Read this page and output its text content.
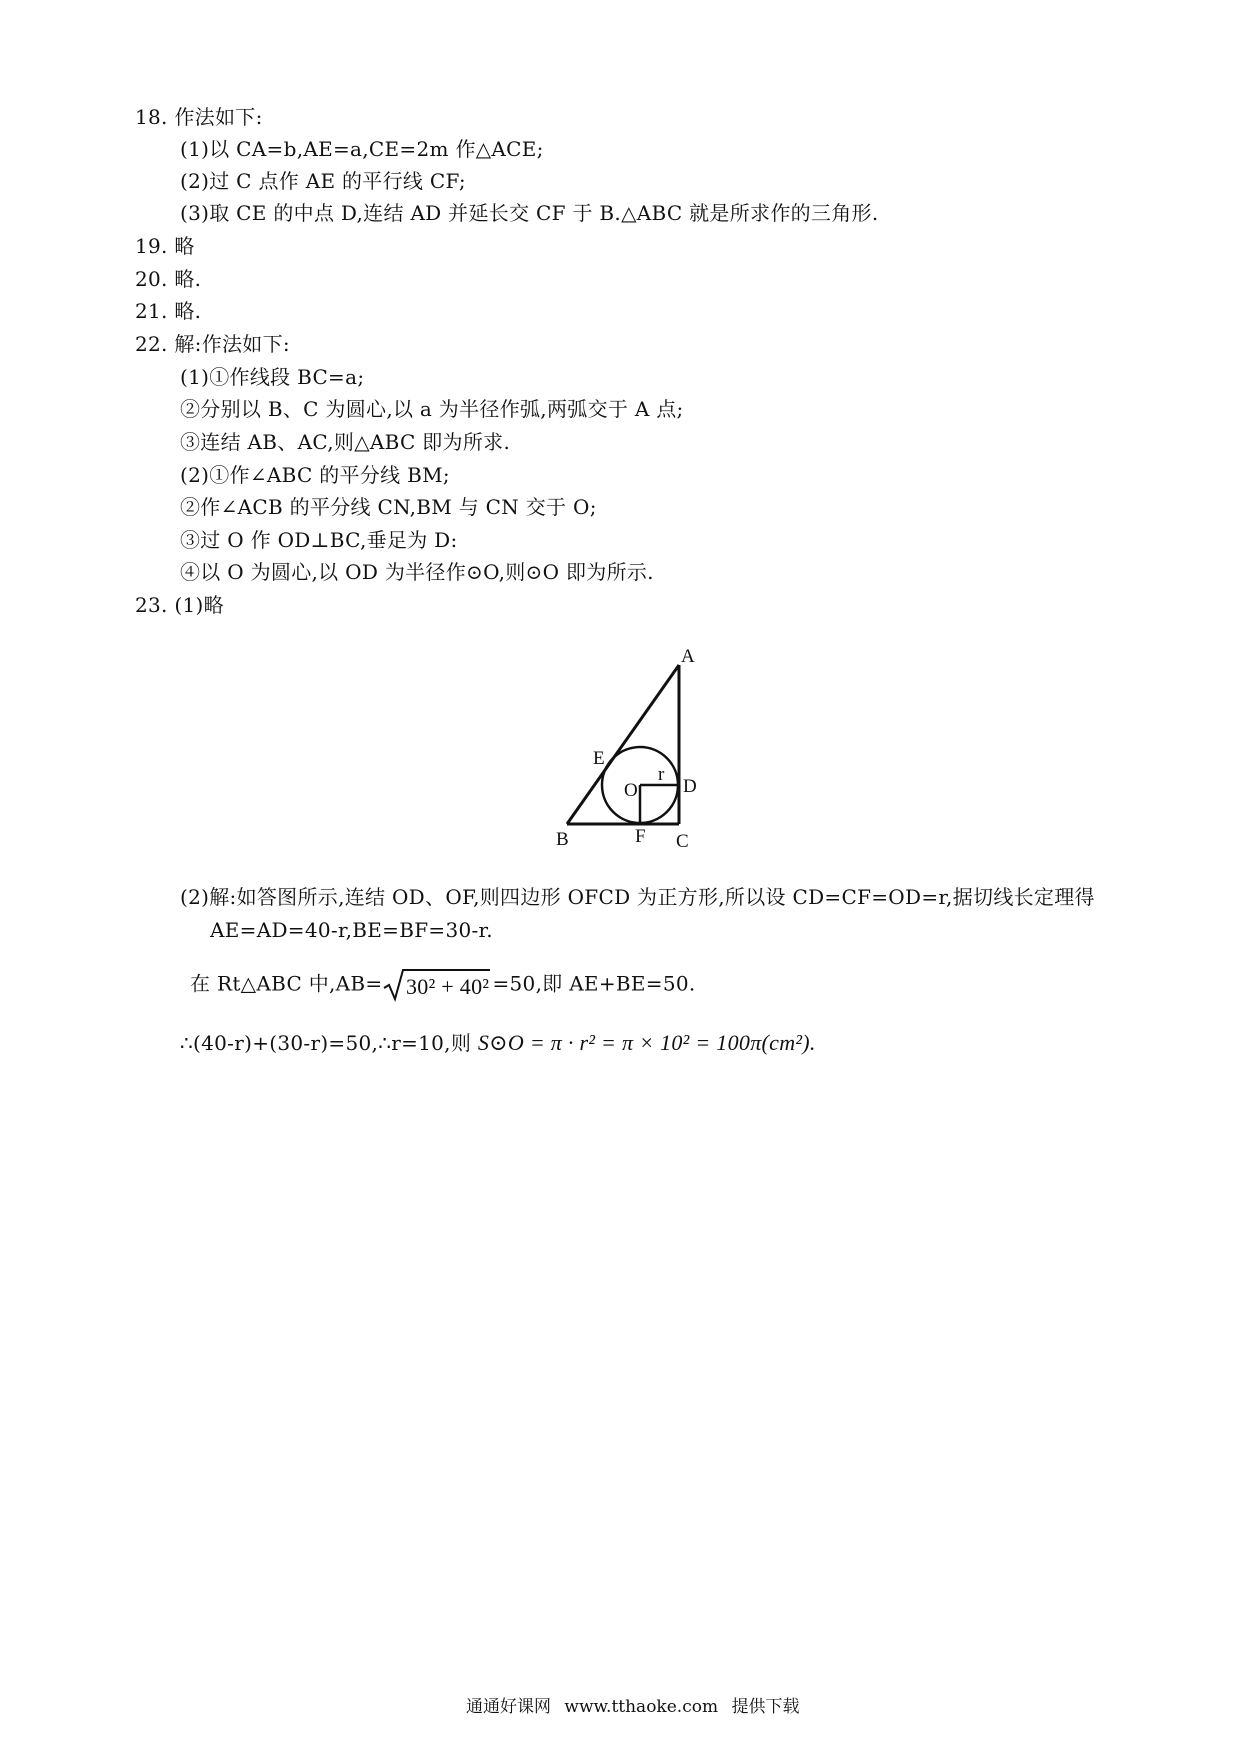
18. 作法如下:
(1)以 CA=b,AE=a,CE=2m 作△ACE;
(2)过 C 点作 AE 的平行线 CF;
(3)取 CE 的中点 D,连结 AD 并延长交 CF 于 B.△ABC 就是所求作的三角形.
19. 略
20. 略.
21. 略.
22. 解:作法如下:
(1)①作线段 BC=a;
②分别以 B、C 为圆心,以 a 为半径作弧,两弧交于 A 点;
③连结 AB、AC,则△ABC 即为所求.
(2)①作∠ABC 的平分线 BM;
②作∠ACB 的平分线 CN,BM 与 CN 交于 O;
③过 O 作 OD⊥BC,垂足为 D:
④以 O 为圆心,以 OD 为半径作⊙O,则⊙O 即为所示.
23. (1)略
A
E
O
r
D
B	F C
(2)解:如答图所示,连结 OD、OF,则四边形 OFCD 为正方形,所以设 CD=CF=OD=r,据切线长定理得
AE=AD=40-r,BE=BF=30-r.
在 Rt△ABC 中,AB= 30² + 40² =50,即 AE+BE=50.
∴(40-r)+(30-r)=50,∴r=10,则 S⊙O = π · r² = π × 10² = 100π(cm²).
通通好课网 www.tthaoke.com 提供下载
